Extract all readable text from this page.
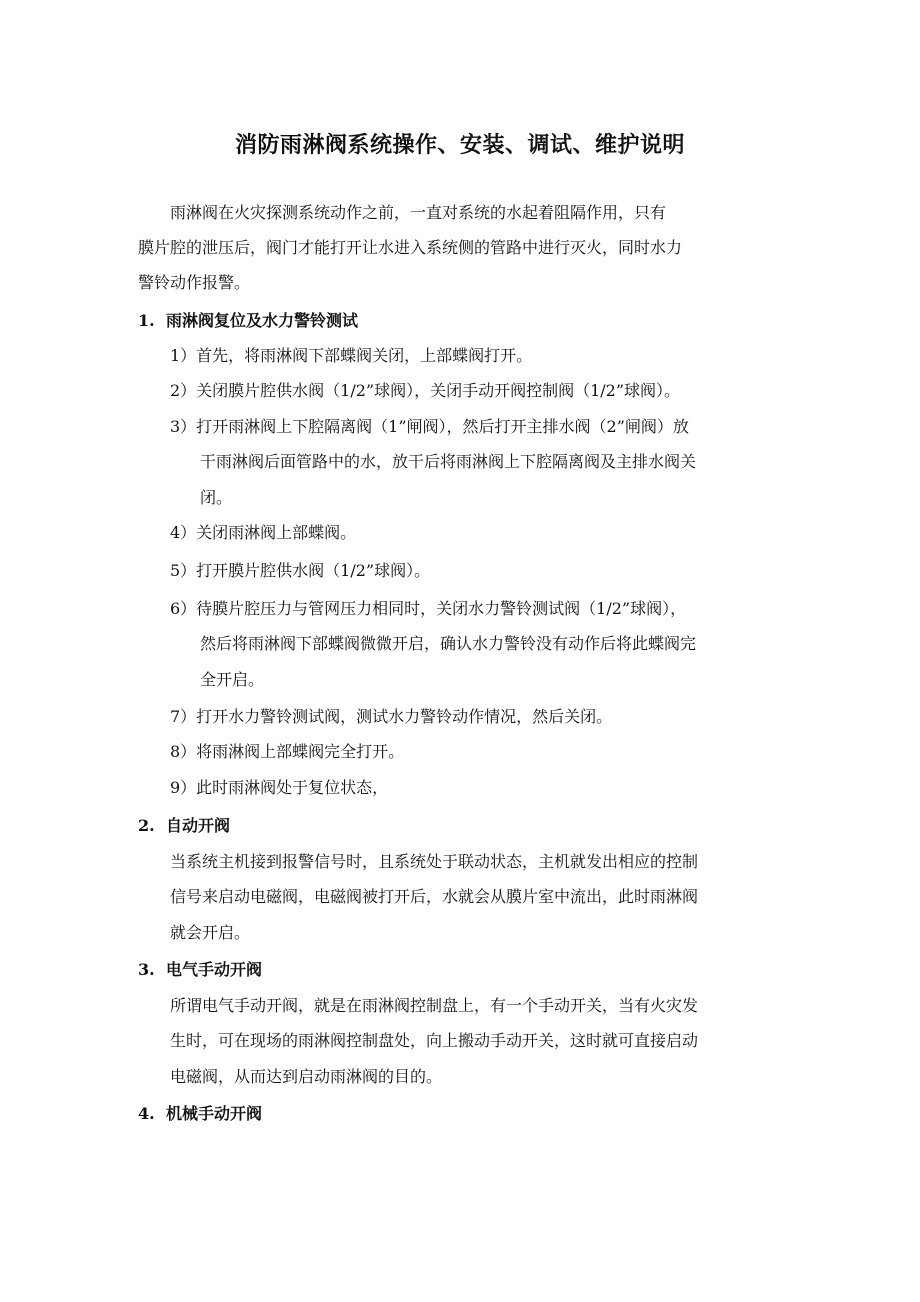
消防雨淋阀系统操作、安装、调试、维护说明
雨淋阀在火灾探测系统动作之前，一直对系统的水起着阻隔作用，只有
膜片腔的泄压后，阀门才能打开让水进入系统侧的管路中进行灭火，同时水力
警铃动作报警。
1. 雨淋阀复位及水力警铃测试
1）首先，将雨淋阀下部蝶阀关闭，上部蝶阀打开。
2）关闭膜片腔供水阀（1/2”球阀），关闭手动开阀控制阀（1/2”球阀）。
3）打开雨淋阀上下腔隔离阀（1”闸阀），然后打开主排水阀（2”闸阀）放
干雨淋阀后面管路中的水，放干后将雨淋阀上下腔隔离阀及主排水阀关
闭。
4）关闭雨淋阀上部蝶阀。
5）打开膜片腔供水阀（1/2”球阀）。
6）待膜片腔压力与管网压力相同时，关闭水力警铃测试阀（1/2”球阀），
然后将雨淋阀下部蝶阀微微开启，确认水力警铃没有动作后将此蝶阀完
全开启。
7）打开水力警铃测试阀，测试水力警铃动作情况，然后关闭。
8）将雨淋阀上部蝶阀完全打开。
9）此时雨淋阀处于复位状态，
2. 自动开阀
当系统主机接到报警信号时，且系统处于联动状态，主机就发出相应的控制
信号来启动电磁阀，电磁阀被打开后，水就会从膜片室中流出，此时雨淋阀
就会开启。
3. 电气手动开阀
所谓电气手动开阀，就是在雨淋阀控制盘上，有一个手动开关，当有火灾发
生时，可在现场的雨淋阀控制盘处，向上搬动手动开关，这时就可直接启动
电磁阀，从而达到启动雨淋阀的目的。
4. 机械手动开阀
